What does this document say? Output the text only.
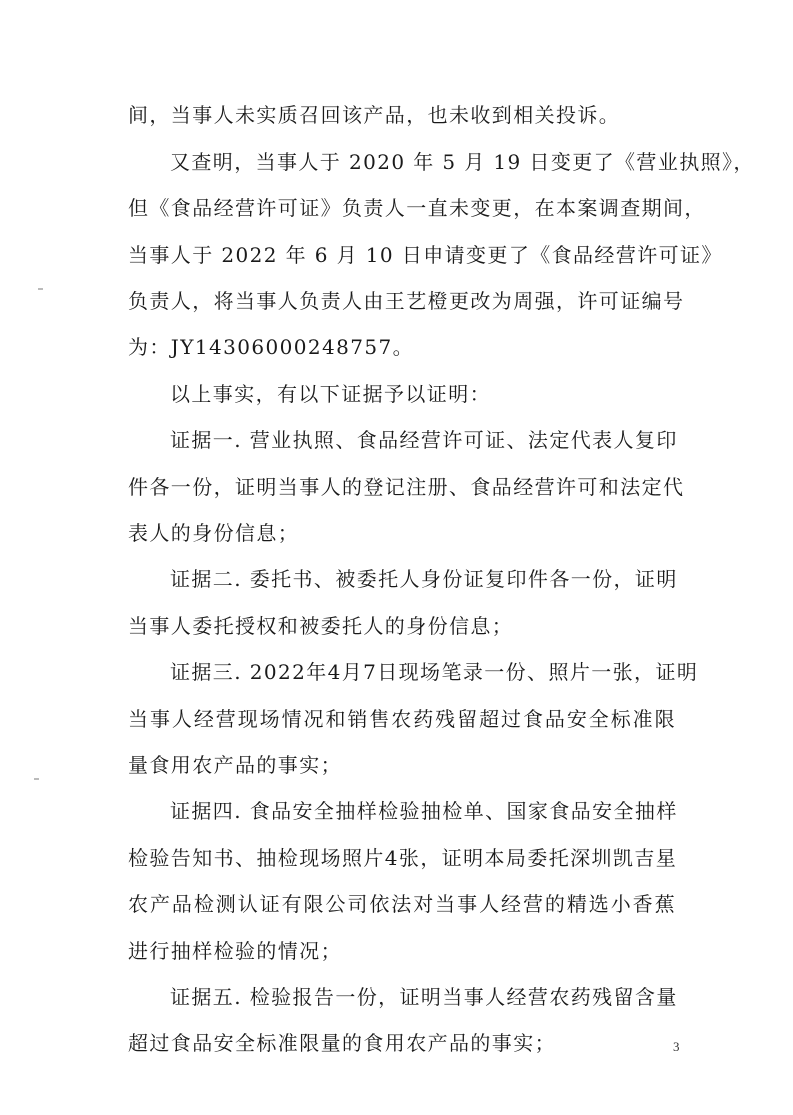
间，当事人未实质召回该产品，也未收到相关投诉。
又查明，当事人于 2020 年 5 月 19 日变更了《营业执照》，
但《食品经营许可证》负责人一直未变更，在本案调查期间，
当事人于 2022 年 6 月 10 日申请变更了《食品经营许可证》
负责人，将当事人负责人由王艺橙更改为周强，许可证编号
为：JY14306000248757。
以上事实，有以下证据予以证明：
证据一. 营业执照、食品经营许可证、法定代表人复印
件各一份，证明当事人的登记注册、食品经营许可和法定代
表人的身份信息；
证据二. 委托书、被委托人身份证复印件各一份，证明
当事人委托授权和被委托人的身份信息；
证据三. 2022年4月7日现场笔录一份、照片一张，证明
当事人经营现场情况和销售农药残留超过食品安全标准限
量食用农产品的事实；
证据四. 食品安全抽样检验抽检单、国家食品安全抽样
检验告知书、抽检现场照片4张，证明本局委托深圳凯吉星
农产品检测认证有限公司依法对当事人经营的精选小香蕉
进行抽样检验的情况；
证据五. 检验报告一份，证明当事人经营农药残留含量
超过食品安全标准限量的食用农产品的事实；	3
